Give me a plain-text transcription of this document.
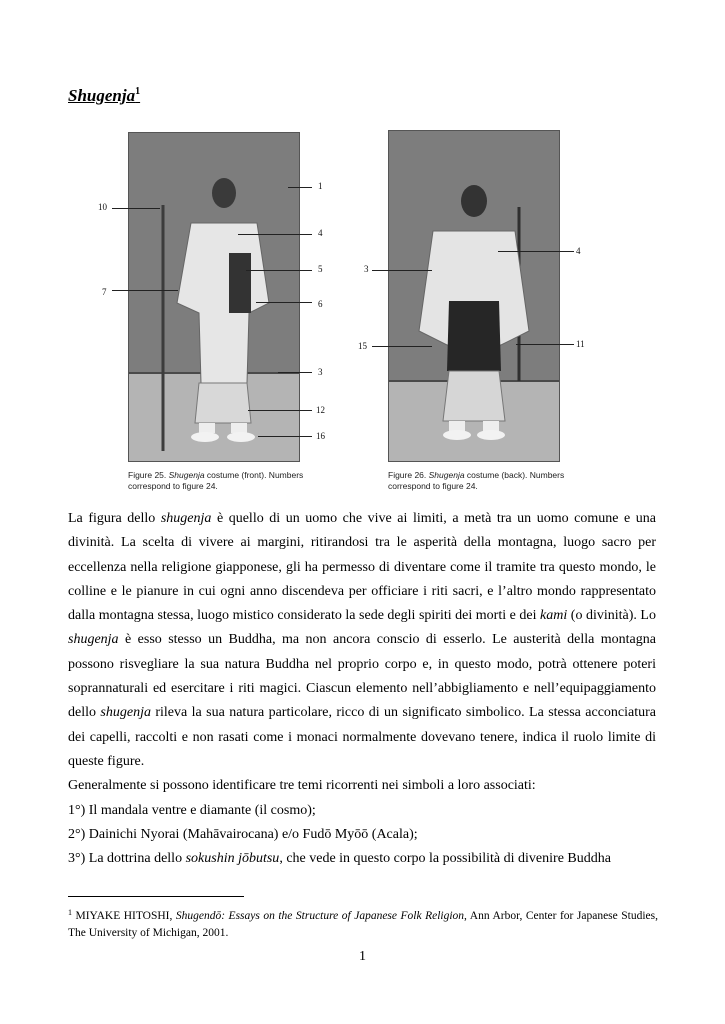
Shugenja$^1$
1
10
4
5
7
6
3
12
16
Figure 25. Shugenja costume (front). Numbers correspond to figure 24.
4
3
15	11
Figure 26. Shugenja costume (back). Numbers correspond to figure 24.

La figura dello shugenja è quello di un uomo che vive ai limiti, a metà tra un uomo comune e una divinità. La scelta di vivere ai margini, ritirandosi tra le asperità della montagna, luogo sacro per eccellenza nella religione giapponese, gli ha permesso di diventare come il tramite tra questo mondo, le colline e le pianure in cui ogni anno discendeva per officiare i riti sacri, e l’altro mondo rappresentato dalla montagna stessa, luogo mistico considerato la sede degli spiriti dei morti e dei kami (o divinità). Lo shugenja è esso stesso un Buddha, ma non ancora conscio di esserlo. Le austerità della montagna possono risvegliare la sua natura Buddha nel proprio corpo e, in questo modo, potrà ottenere poteri soprannaturali ed esercitare i riti magici. Ciascun elemento nell’abbigliamento e nell’equipaggiamento dello shugenja rileva la sua natura particolare, ricco di un significato simbolico. La stessa acconciatura dei capelli, raccolti e non rasati come i monaci normalmente dovevano tenere, indica il ruolo limite di queste figure.

Generalmente si possono identificare tre temi ricorrenti nei simboli a loro associati:

1°) Il mandala ventre e diamante (il cosmo);

2°) Dainichi Nyorai (Mahāvairocana) e/o Fudō Myōō (Acala);

3°) La dottrina dello sokushin jōbutsu, che vede in questo corpo la possibilità di divenire Buddha

$^1$ MIYAKE HITOSHI, Shugendō: Essays on the Structure of Japanese Folk Religion, Ann Arbor, Center for Japanese Studies, The University of Michigan, 2001.

1
